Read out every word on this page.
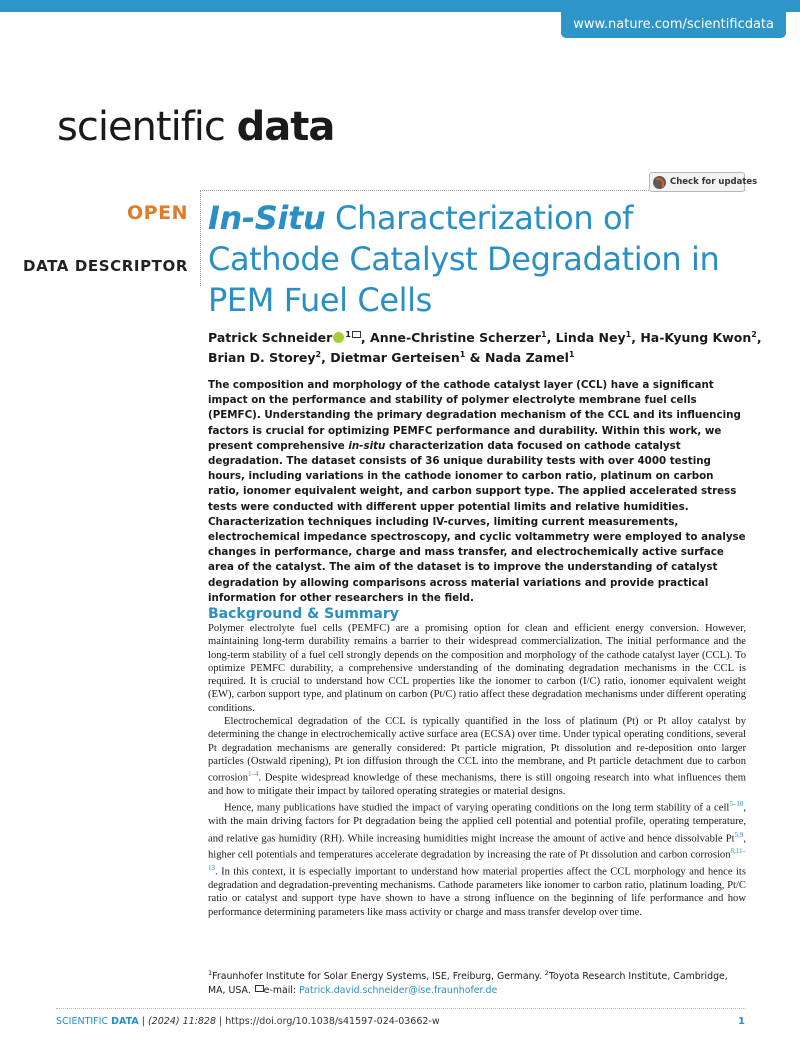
www.nature.com/scientificdata
scientific data
Check for updates
OPEN
DATA DESCRIPTOR
In-Situ Characterization of Cathode Catalyst Degradation in PEM Fuel Cells
Patrick Schneider $^1$ , Anne-Christine Scherzer$^1$, Linda Ney$^1$, Ha-Kyung Kwon$^2$,
Brian D. Storey$^2$, Dietmar Gerteisen$^1$ & Nada Zamel$^1$

The composition and morphology of the cathode catalyst layer (CCL) have a significant impact on the performance and stability of polymer electrolyte membrane fuel cells (PEMFC). Understanding the primary degradation mechanism of the CCL and its influencing factors is crucial for optimizing PEMFC performance and durability. Within this work, we present comprehensive in-situ characterization data focused on cathode catalyst degradation. The dataset consists of 36 unique durability tests with over 4000 testing hours, including variations in the cathode ionomer to carbon ratio, platinum on carbon ratio, ionomer equivalent weight, and carbon support type. The applied accelerated stress tests were conducted with different upper potential limits and relative humidities. Characterization techniques including IV-curves, limiting current measurements, electrochemical impedance spectroscopy, and cyclic voltammetry were employed to analyse changes in performance, charge and mass transfer, and electrochemically active surface area of the catalyst. The aim of the dataset is to improve the understanding of catalyst degradation by allowing comparisons across material variations and provide practical information for other researchers in the field.

Background & Summary

Polymer electrolyte fuel cells (PEMFC) are a promising option for clean and efficient energy conversion. However, maintaining long-term durability remains a barrier to their widespread commercialization. The initial performance and the long-term stability of a fuel cell strongly depends on the composition and morphology of the cathode catalyst layer (CCL). To optimize PEMFC durability, a comprehensive understanding of the dominating degradation mechanisms in the CCL is required. It is crucial to understand how CCL properties like the ionomer to carbon (I/C) ratio, ionomer equivalent weight (EW), carbon support type, and platinum on carbon (Pt/C) ratio affect these degradation mechanisms under different operating conditions.

Electrochemical degradation of the CCL is typically quantified in the loss of platinum (Pt) or Pt alloy catalyst by determining the change in electrochemically active surface area (ECSA) over time. Under typical operating conditions, several Pt degradation mechanisms are generally considered: Pt particle migration, Pt dissolution and re-deposition onto larger particles (Ostwald ripening), Pt ion diffusion through the CCL into the membrane, and Pt particle detachment due to carbon corrosion$^{1-4}$. Despite widespread knowledge of these mechanisms, there is still ongoing research into what influences them and how to mitigate their impact by tailored operating strategies or material designs.

Hence, many publications have studied the impact of varying operating conditions on the long term stability of a cell$^{5-10}$, with the main driving factors for Pt degradation being the applied cell potential and potential profile, operating temperature, and relative gas humidity (RH). While increasing humidities might increase the amount of active and hence dissolvable Pt$^{5,9}$, higher cell potentials and temperatures accelerate degradation by increasing the rate of Pt dissolution and carbon corrosion$^{8,11-13}$. In this context, it is especially important to understand how material properties affect the CCL morphology and hence its degradation and degradation-preventing mechanisms. Cathode parameters like ionomer to carbon ratio, platinum loading, Pt/C ratio or catalyst and support type have shown to have a strong influence on the beginning of life performance and how performance determining parameters like mass activity or charge and mass transfer develop over time.

$^1$Fraunhofer Institute for Solar Energy Systems, ISE, Freiburg, Germany. $^2$Toyota Research Institute, Cambridge, MA, USA. e-mail: Patrick.david.schneider@ise.fraunhofer.de
SCIENTIFIC DATA | (2024) 11:828 | https://doi.org/10.1038/s41597-024-03662-w	1
